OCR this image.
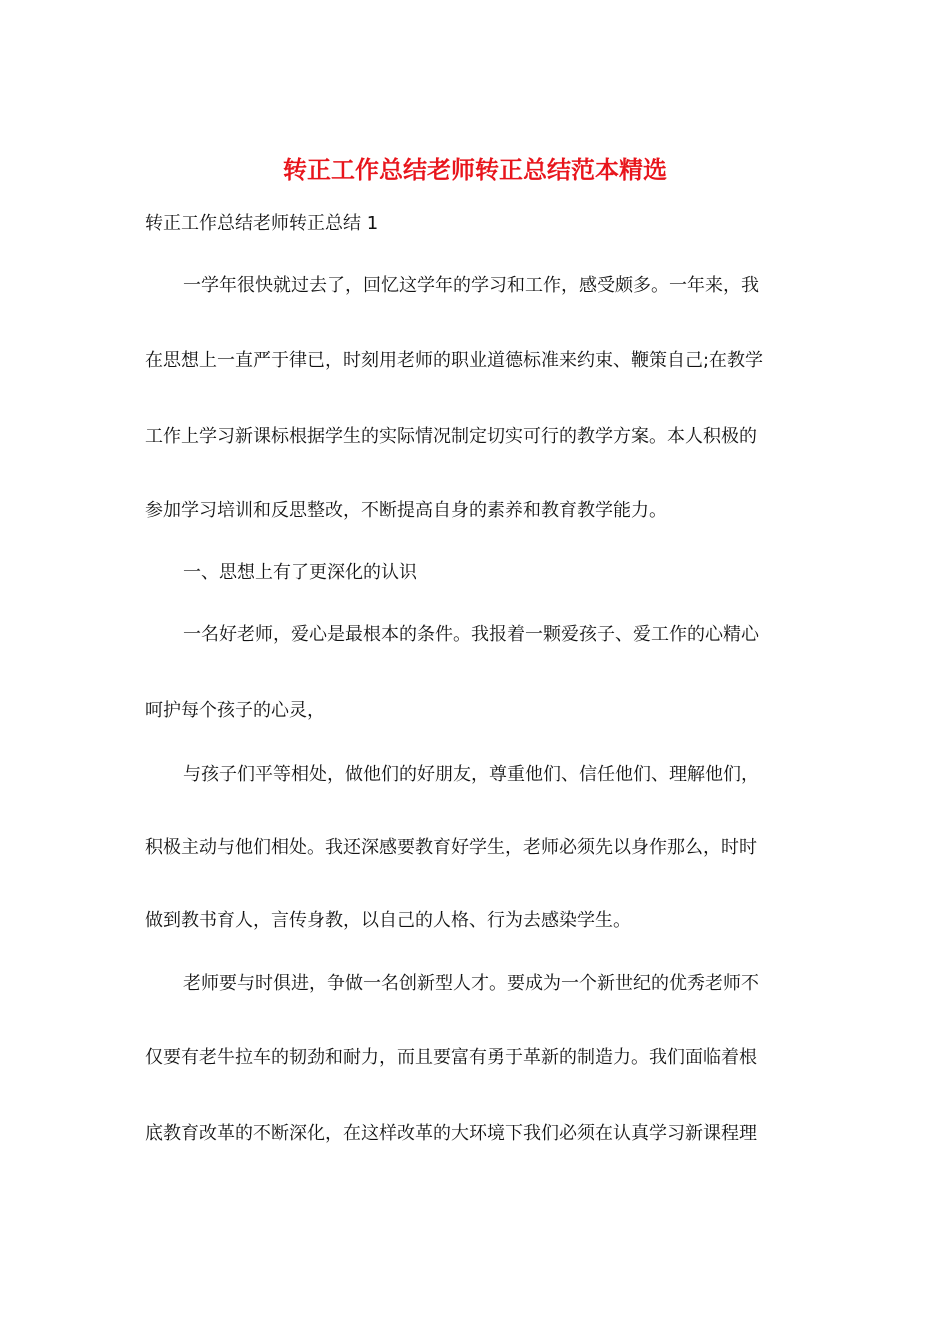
转正工作总结老师转正总结范本精选

转正工作总结老师转正总结 1

一学年很快就过去了，回忆这学年的学习和工作，感受颇多。一年来，我

在思想上一直严于律已，时刻用老师的职业道德标准来约束、鞭策自己;在教学

工作上学习新课标根据学生的实际情况制定切实可行的教学方案。本人积极的

参加学习培训和反思整改，不断提高自身的素养和教育教学能力。

一、思想上有了更深化的认识

一名好老师，爱心是最根本的条件。我报着一颗爱孩子、爱工作的心精心

呵护每个孩子的心灵，

与孩子们平等相处，做他们的好朋友，尊重他们、信任他们、理解他们，

积极主动与他们相处。我还深感要教育好学生，老师必须先以身作那么，时时

做到教书育人，言传身教，以自己的人格、行为去感染学生。

老师要与时俱进，争做一名创新型人才。要成为一个新世纪的优秀老师不

仅要有老牛拉车的韧劲和耐力，而且要富有勇于革新的制造力。我们面临着根

底教育改革的不断深化，在这样改革的大环境下我们必须在认真学习新课程理
